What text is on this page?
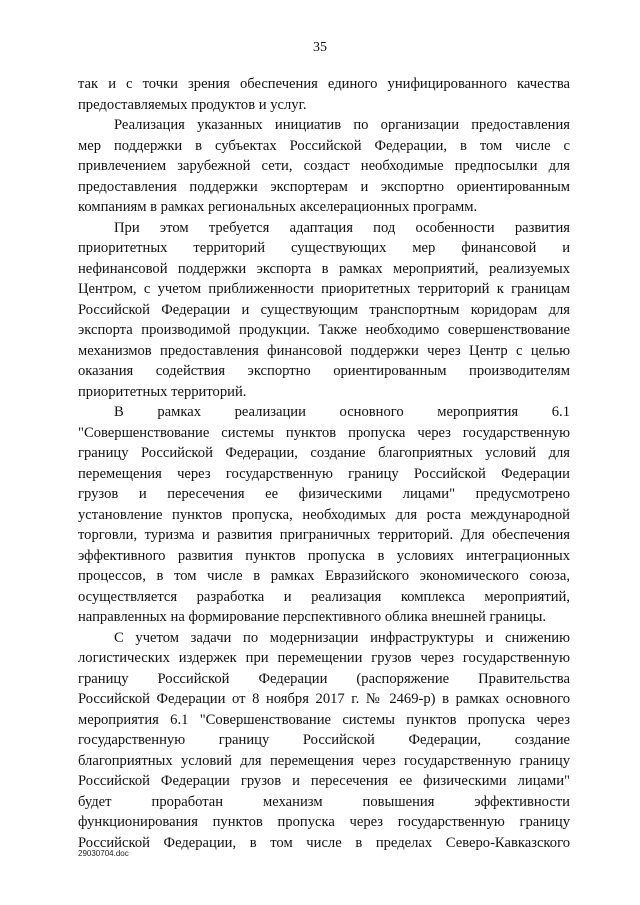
35
так и с точки зрения обеспечения единого унифицированного качества
предоставляемых продуктов и услуг.
Реализация указанных инициатив по организации предоставления
мер поддержки в субъектах Российской Федерации, в том числе с
привлечением зарубежной сети, создаст необходимые предпосылки для
предоставления поддержки экспортерам и экспортно ориентированным
компаниям в рамках региональных акселерационных программ.
При этом требуется адаптация под особенности развития
приоритетных территорий существующих мер финансовой и
нефинансовой поддержки экспорта в рамках мероприятий, реализуемых
Центром, с учетом приближенности приоритетных территорий к границам
Российской Федерации и существующим транспортным коридорам для
экспорта производимой продукции. Также необходимо совершенствование
механизмов предоставления финансовой поддержки через Центр с целью
оказания содействия экспортно ориентированным производителям
приоритетных территорий.
В рамках реализации основного мероприятия 6.1
"Совершенствование системы пунктов пропуска через государственную
границу Российской Федерации, создание благоприятных условий для
перемещения через государственную границу Российской Федерации
грузов и пересечения ее физическими лицами" предусмотрено
установление пунктов пропуска, необходимых для роста международной
торговли, туризма и развития приграничных территорий. Для обеспечения
эффективного развития пунктов пропуска в условиях интеграционных
процессов, в том числе в рамках Евразийского экономического союза,
осуществляется разработка и реализация комплекса мероприятий,
направленных на формирование перспективного облика внешней границы.
С учетом задачи по модернизации инфраструктуры и снижению
логистических издержек при перемещении грузов через государственную
границу Российской Федерации (распоряжение Правительства
Российской Федерации от 8 ноября 2017 г. № 2469-р) в рамках основного
мероприятия 6.1 "Совершенствование системы пунктов пропуска через
государственную границу Российской Федерации, создание
благоприятных условий для перемещения через государственную границу
Российской Федерации грузов и пересечения ее физическими лицами"
будет проработан механизм повышения эффективности
функционирования пунктов пропуска через государственную границу
Российской Федерации, в том числе в пределах Северо-Кавказского
29030704.doc
